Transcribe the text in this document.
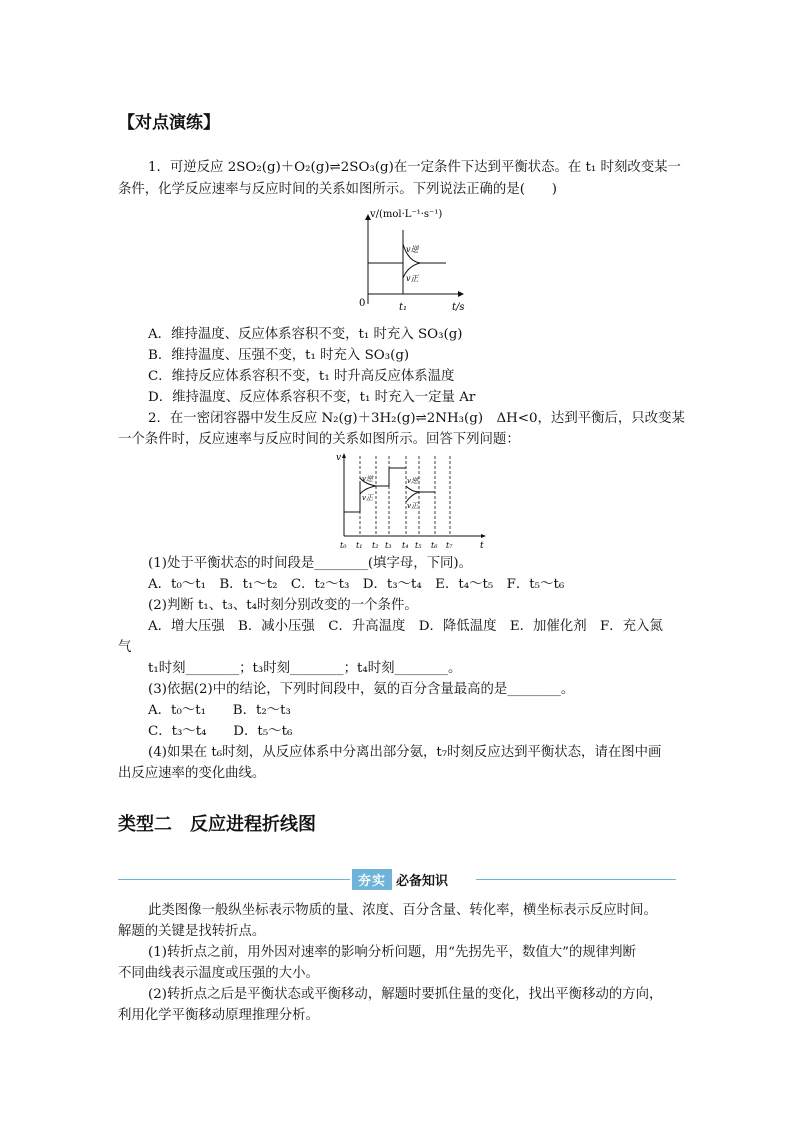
【对点演练】
1．可逆反应 2SO₂(g)＋O₂(g)⇌2SO₃(g)在一定条件下达到平衡状态。在 t₁ 时刻改变某一
条件，化学反应速率与反应时间的关系如图所示。下列说法正确的是(　　)
v/(mol·L⁻¹·s⁻¹)
0	t/s
t₁
v逆
v正
A．维持温度、反应体系容积不变，t₁ 时充入 SO₃(g)
B．维持温度、压强不变，t₁ 时充入 SO₃(g)
C．维持反应体系容积不变，t₁ 时升高反应体系温度
D．维持温度、反应体系容积不变，t₁ 时充入一定量 Ar
2．在一密闭容器中发生反应 N₂(g)＋3H₂(g)⇌2NH₃(g)　ΔH<0，达到平衡后，只改变某
一个条件时，反应速率与反应时间的关系如图所示。回答下列问题：
v
t
v逆
v正
v逆
v正
t₀ t₁ t₂ t₃ t₄ t₅ t₆ t₇
(1)处于平衡状态的时间段是________(填字母，下同)。
A．t₀～t₁　B．t₁～t₂　C．t₂～t₃　D．t₃～t₄　E．t₄～t₅　F．t₅～t₆
(2)判断 t₁、t₃、t₄时刻分别改变的一个条件。
A．增大压强　B．减小压强　C．升高温度　D．降低温度　E．加催化剂　F．充入氮
气
t₁时刻________；t₃时刻________；t₄时刻________。
(3)依据(2)中的结论，下列时间段中，氨的百分含量最高的是________。
A．t₀～t₁　　B．t₂～t₃
C．t₃～t₄　　D．t₅～t₆
(4)如果在 t₆时刻，从反应体系中分离出部分氨，t₇时刻反应达到平衡状态，请在图中画
出反应速率的变化曲线。
类型二　反应进程折线图
夯实 必备知识
此类图像一般纵坐标表示物质的量、浓度、百分含量、转化率，横坐标表示反应时间。
解题的关键是找转折点。
(1)转折点之前，用外因对速率的影响分析问题，用“先拐先平，数值大”的规律判断
不同曲线表示温度或压强的大小。
(2)转折点之后是平衡状态或平衡移动，解题时要抓住量的变化，找出平衡移动的方向，
利用化学平衡移动原理推理分析。
